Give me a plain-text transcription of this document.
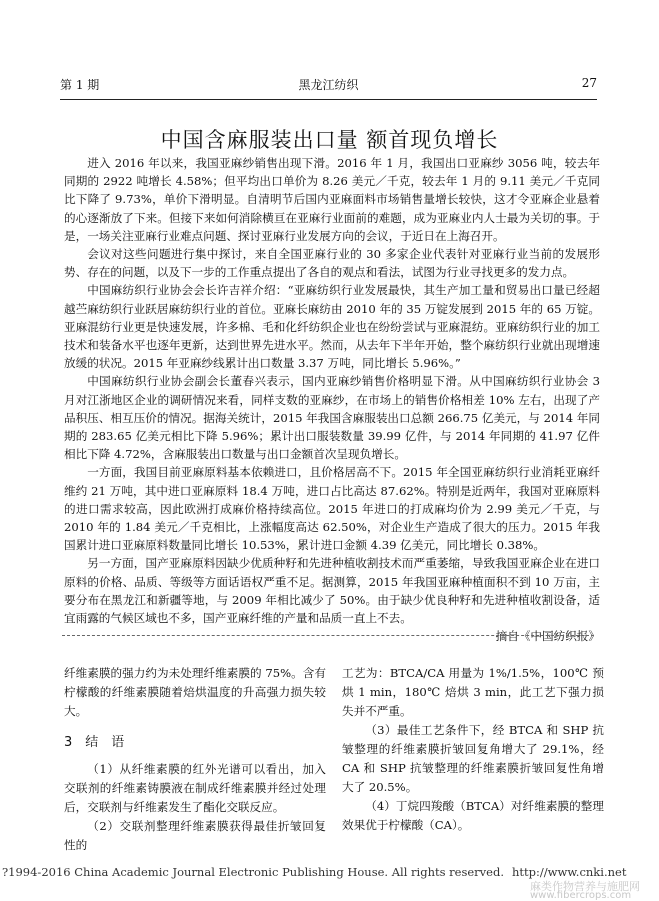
第 1 期	黑龙江纺织	27
中国含麻服装出口量 额首现负增长

进入 2016 年以来，我国亚麻纱销售出现下滑。2016 年 1 月，我国出口亚麻纱 3056 吨，较去年同期的 2922 吨增长 4.58%；但平均出口单价为 8.26 美元／千克，较去年 1 月的 9.11 美元／千克同比下降了 9.73%，单价下滑明显。自清明节后国内亚麻面料市场销售量增长较快，这才令亚麻企业悬着的心逐渐放了下来。但接下来如何消除横亘在亚麻行业面前的难题，成为亚麻业内人士最为关切的事。于是，一场关注亚麻行业难点问题、探讨亚麻行业发展方向的会议，于近日在上海召开。

会议对这些问题进行集中探讨，来自全国亚麻行业的 30 多家企业代表针对亚麻行业当前的发展形势、存在的问题，以及下一步的工作重点提出了各自的观点和看法，试图为行业寻找更多的发力点。

中国麻纺织行业协会会长许吉祥介绍：“亚麻纺织行业发展最快，其生产加工量和贸易出口量已经超越苎麻纺织行业跃居麻纺织行业的首位。亚麻长麻纺由 2010 年的 35 万锭发展到 2015 年的 65 万锭。亚麻混纺行业更是快速发展，许多棉、毛和化纤纺织企业也在纷纷尝试与亚麻混纺。亚麻纺织行业的加工技术和装备水平也逐年更新，达到世界先进水平。然而，从去年下半年开始，整个麻纺织行业就出现增速放缓的状况。2015 年亚麻纱线累计出口数量 3.37 万吨，同比增长 5.96%。”

中国麻纺织行业协会副会长董春兴表示，国内亚麻纱销售价格明显下滑。从中国麻纺织行业协会 3 月对江浙地区企业的调研情况来看，同样支数的亚麻纱，在市场上的销售价格相差 10% 左右，出现了产品积压、相互压价的情况。据海关统计，2015 年我国含麻服装出口总额 266.75 亿美元，与 2014 年同期的 283.65 亿美元相比下降 5.96%；累计出口服装数量 39.99 亿件，与 2014 年同期的 41.97 亿件相比下降 4.72%，含麻服装出口数量与出口金额首次呈现负增长。

一方面，我国目前亚麻原料基本依赖进口，且价格居高不下。2015 年全国亚麻纺织行业消耗亚麻纤维约 21 万吨，其中进口亚麻原料 18.4 万吨，进口占比高达 87.62%。特别是近两年，我国对亚麻原料的进口需求较高，因此欧洲打成麻价格持续高位。2015 年进口的打成麻均价为 2.99 美元／千克，与 2010 年的 1.84 美元／千克相比，上涨幅度高达 62.50%，对企业生产造成了很大的压力。2015 年我国累计进口亚麻原料数量同比增长 10.53%，累计进口金额 4.39 亿美元，同比增长 0.38%。

另一方面，国产亚麻原料因缺少优质种籽和先进种植收割技术而严重萎缩，导致我国亚麻企业在进口原料的价格、品质、等级等方面话语权严重不足。据测算，2015 年我国亚麻种植面积不到 10 万亩，主要分布在黑龙江和新疆等地，与 2009 年相比减少了 50%。由于缺少优良种籽和先进种植收割设备，适宜雨露的气候区域也不多，国产亚麻纤维的产量和品质一直上不去。

摘自《中国纺织报》

纤维素膜的强力约为未处理纤维素膜的 75%。含有柠檬酸的纤维素膜随着焙烘温度的升高强力损失较大。

3　结　语

（1）从纤维素膜的红外光谱可以看出，加入交联剂的纤维素铸膜液在制成纤维素膜并经过处理后，交联剂与纤维素发生了酯化交联反应。

（2）交联剂整理纤维素膜获得最佳折皱回复性的

工艺为：BTCA/CA 用量为 1%/1.5%，100℃ 预烘 1 min，180℃ 焙烘 3 min，此工艺下强力损失并不严重。

（3）最佳工艺条件下，经 BTCA 和 SHP 抗皱整理的纤维素膜折皱回复角增大了 29.1%，经 CA 和 SHP 抗皱整理的纤维素膜折皱回复性角增大了 20.5%。

（4）丁烷四羧酸（BTCA）对纤维素膜的整理效果优于柠檬酸（CA）。

?1994-2016 China Academic Journal Electronic Publishing House. All rights reserved. http://www.cnki.net
麻类作物营养与施肥网
www.fibercrops.com
